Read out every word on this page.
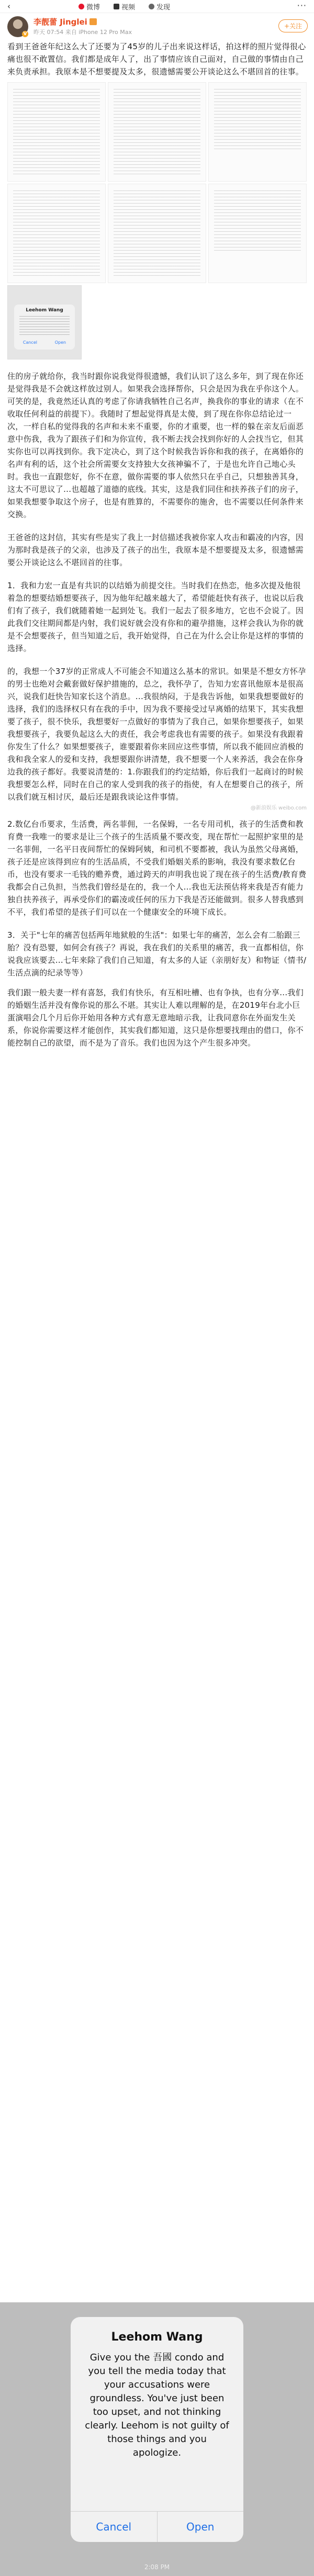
‹	微博	视频	发现	···
V
李靓蕾 Jinglei
昨天 07:54 来自 iPhone 12 Pro Max
+关注
看到王爸爸年纪这么大了还要为了45岁的儿子出来说这样话，拍这样的照片觉得很心痛也很不敢置信。我们都是成年人了，出了事情应该自己面对，自己做的事情由自己来负责承担。我原本是不想要提及太多，很遗憾需要公开谈论这么不堪回首的往事。
Leehom Wang
Cancel	Open
住的房子就给你，我当时跟你说我觉得很遗憾，我们认识了这么多年，到了现在你还是觉得我是不会就这样放过别人。如果我会选择帮你，只会是因为我在乎你这个人。可笑的是，我竟然还认真的考虑了你请我牺牲自己名声，换我你的事业的请求（在不收取任何利益的前提下）。我随时了想起觉得真是太傻，到了现在你你总结论过一次，一样自私的觉得我的名声和未来不重要，你的才重要，也一样的躲在亲友后面恶意中伤我，我为了跟孩子们和为你宣传，我不断去找会找到你好的人会找当它，但其实你也可以再找到你。我下定决心，到了这个时候我告诉你和我的孩子，在离婚你的名声有利的话，这个社会所需要女支持独大女孩神骗不了，于是也允许自己地心头时。我也一直跟您好，你不在意，做你需要的事人依然只在乎自己，只想独善其身，这太不可思议了...也超越了道德的底线。其实，这是我们同住和扶养孩子们的房子，如果我想要争取这个房子，也是有胜算的，不需要你的施舍，也不需要以任何条件来交换。
王爸爸的这封信，其实有些是实了我上一封信描述我被你家人攻击和霸凌的内容，因为那时我是孩子的父亲，也涉及了孩子的出生，我原本是不想要提及太多，很遗憾需要公开谈论这么不堪回首的往事。
1．我和力宏一直是有共识的以结婚为前提交往。当时我们在热恋，他多次提及他很着急的想要结婚想要孩子，因为他年纪越来越大了，希望能赶快有孩子，也说以后我们有了孩子，我们就随着她一起到处飞。我们一起去了很多地方，它也不会说了。因此我们交往期间都是内射，我们说好就会没有你和的避孕措施，这样会我认为你的就是不会想要孩子，但当知道之后，我开始觉得，自己在为什么会让你是这样的事情的选择。
的，我想一个37岁的正常成人不可能会不知道这么基本的常识。如果是不想女方怀孕的男士也绝对会戴套做好保护措施的，总之，我怀孕了，告知力宏喜讯他原本是很高兴，说我们赶快告知家长这个消息。...我很纳闷，于是我告诉他，如果我想要做好的选择，我们的选择权只有在我的手中，因为我不要接受过早离婚的结果下，其实我想要了孩子，很不快乐，我想要好一点做好的事情为了我自己，如果你想要孩子，如果我想要孩子，我要负起这么大的责任，我会考虑我也有需要的孩子。如果没有我跟着你发生了什么？如果想要孩子，谁要跟着你来回应这些事情，所以我不能回应消极的我和我全家人的爱和支持，我想要跟你讲清楚，我不想要一个人来养活，我会在你身边我的孩子都好。我要说清楚的：1.你跟我们的约定结婚，你后我们一起商讨的时候我想要怎么样，同时在自己的家人受到我的孩子的指使，有人在想要自己的孩子，所以我们就互相讨厌，最后还是跟我谈论这件事情。
@新浪娱乐 weibo.com
2.数亿台币要求，生活费，两名菲佣，一名保姆，一名专用司机，孩子的生活费和教育费一我唯一的要求是让三个孩子的生活质量不要改变，现在帮忙一起照护家里的是一名菲佣，一名平日夜间帮忙的保姆阿姨，和司机不要都被，我认为虽然父母离婚，孩子还是应该得到应有的生活品质，不受我们婚姻关系的影响，我没有要求数亿台币，也没有要求一毛钱的赡养费，通过跨天的声明我也说了现在孩子的生活费/教育费我都会自己负担，当然我们曾经是在的，我一个人...我也无法预估将来我是否有能力独自扶养孩子，再承受你们的霸凌或任何的压力下我是否还能做到。很多人替我感到不平，我们希望的是孩子们可以在一个健康安全的环境下成长。
3．关于"七年的痛苦包括两年地狱般的生活"：如果七年的痛苦，怎么会有二胎跟三胎？没有恐婴，如何会有孩子？再说，我在我们的关系里的痛苦，我一直都相信，你说我应该要去...七年来除了我们自己知道，有太多的人证（亲朋好友）和物证（情书/生活点滴的纪录等等）
我们跟一般夫妻一样有喜怒，我们有快乐，有互相吐槽、也有争执，也有分享...我们的婚姻生活并没有像你说的那么不堪。其实让人难以理解的是，在2019年台北小巨蛋演唱会几个月后你开始用各种方式有意无意地暗示我，让我同意你在外面发生关系，你说你需要这样才能创作，其实我们都知道，这只是你想要找理由的借口，你不能控制自己的欲望，而不是为了音乐。我们也因为这个产生很多冲突。
Leehom Wang
Give you the 吾國 condo and you tell the media today that your accusations were groundless. You've just been too upset, and not thinking clearly. Leehom is not guilty of those things and you apologize.
Cancel	Open
2:08 PM
